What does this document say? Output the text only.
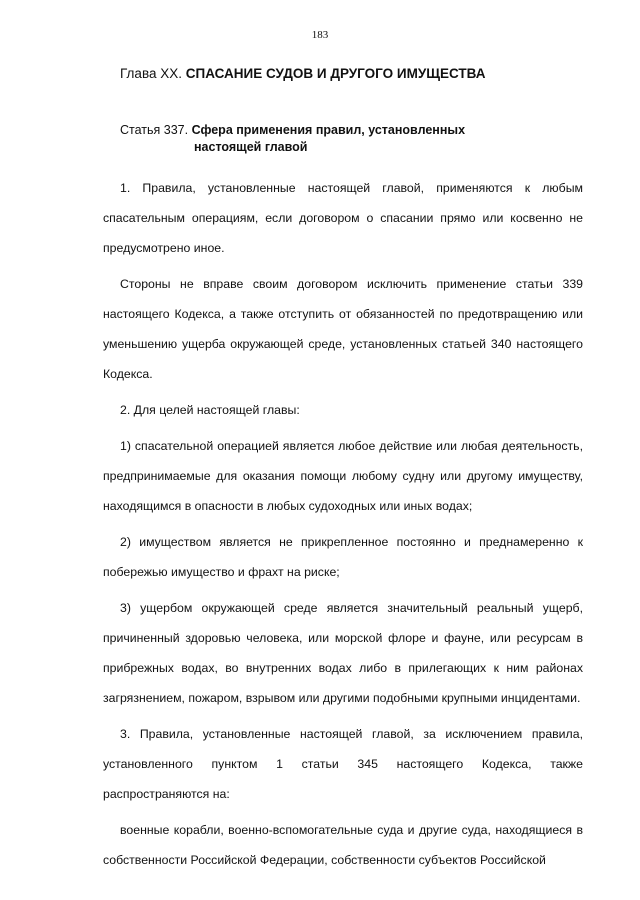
183
Глава XX. СПАСАНИЕ СУДОВ И ДРУГОГО ИМУЩЕСТВА
Статья 337. Сфера применения правил, установленных
настоящей главой

1. Правила, установленные настоящей главой, применяются к любым спасательным операциям, если договором о спасании прямо или косвенно не предусмотрено иное.

Стороны не вправе своим договором исключить применение статьи 339 настоящего Кодекса, а также отступить от обязанностей по предотвращению или уменьшению ущерба окружающей среде, установленных статьей 340 настоящего Кодекса.

2. Для целей настоящей главы:

1) спасательной операцией является любое действие или любая деятельность, предпринимаемые для оказания помощи любому судну или другому имуществу, находящимся в опасности в любых судоходных или иных водах;

2) имуществом является не прикрепленное постоянно и преднамеренно к побережью имущество и фрахт на риске;

3) ущербом окружающей среде является значительный реальный ущерб, причиненный здоровью человека, или морской флоре и фауне, или ресурсам в прибрежных водах, во внутренних водах либо в прилегающих к ним районах загрязнением, пожаром, взрывом или другими подобными крупными инцидентами.

3. Правила, установленные настоящей главой, за исключением правила, установленного пунктом 1 статьи 345 настоящего Кодекса, также распространяются на:

военные корабли, военно-вспомогательные суда и другие суда, находящиеся в собственности Российской Федерации, собственности субъектов Российской
